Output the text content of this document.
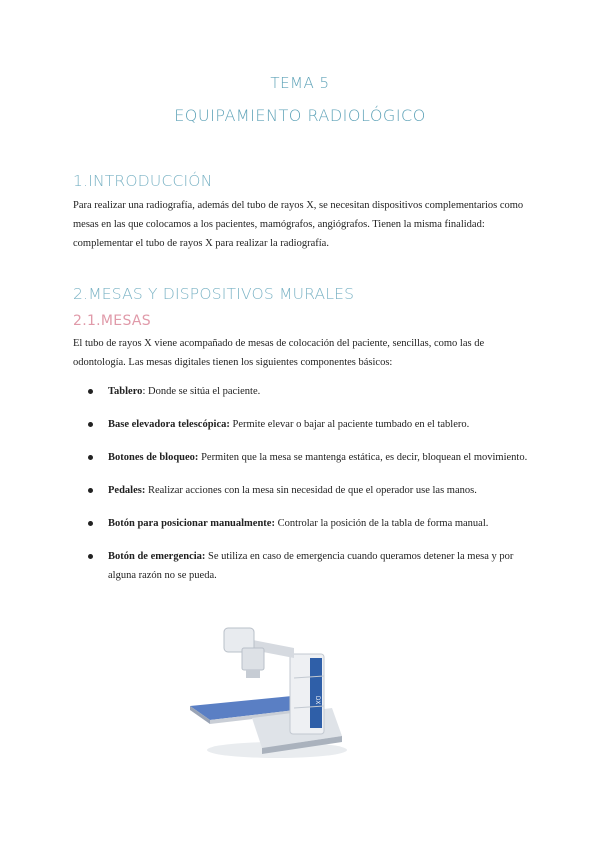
TEMA 5
EQUIPAMIENTO RADIOLÓGICO
1.INTRODUCCIÓN
Para realizar una radiografía, además del tubo de rayos X, se necesitan dispositivos complementarios como mesas en las que colocamos a los pacientes, mamógrafos, angiógrafos. Tienen la misma finalidad: complementar el tubo de rayos X para realizar la radiografía.
2.MESAS Y DISPOSITIVOS MURALES
2.1.MESAS
El tubo de rayos X viene acompañado de mesas de colocación del paciente, sencillas, como las de odontología. Las mesas digitales tienen los siguientes componentes básicos:
Tablero: Donde se sitúa el paciente.
Base elevadora telescópica: Permite elevar o bajar al paciente tumbado en el tablero.
Botones de bloqueo: Permiten que la mesa se mantenga estática, es decir, bloquean el movimiento.
Pedales: Realizar acciones con la mesa sin necesidad de que el operador use las manos.
Botón para posicionar manualmente: Controlar la posición de la tabla de forma manual.
Botón de emergencia: Se utiliza en caso de emergencia cuando queramos detener la mesa y por alguna razón no se pueda.
DX
